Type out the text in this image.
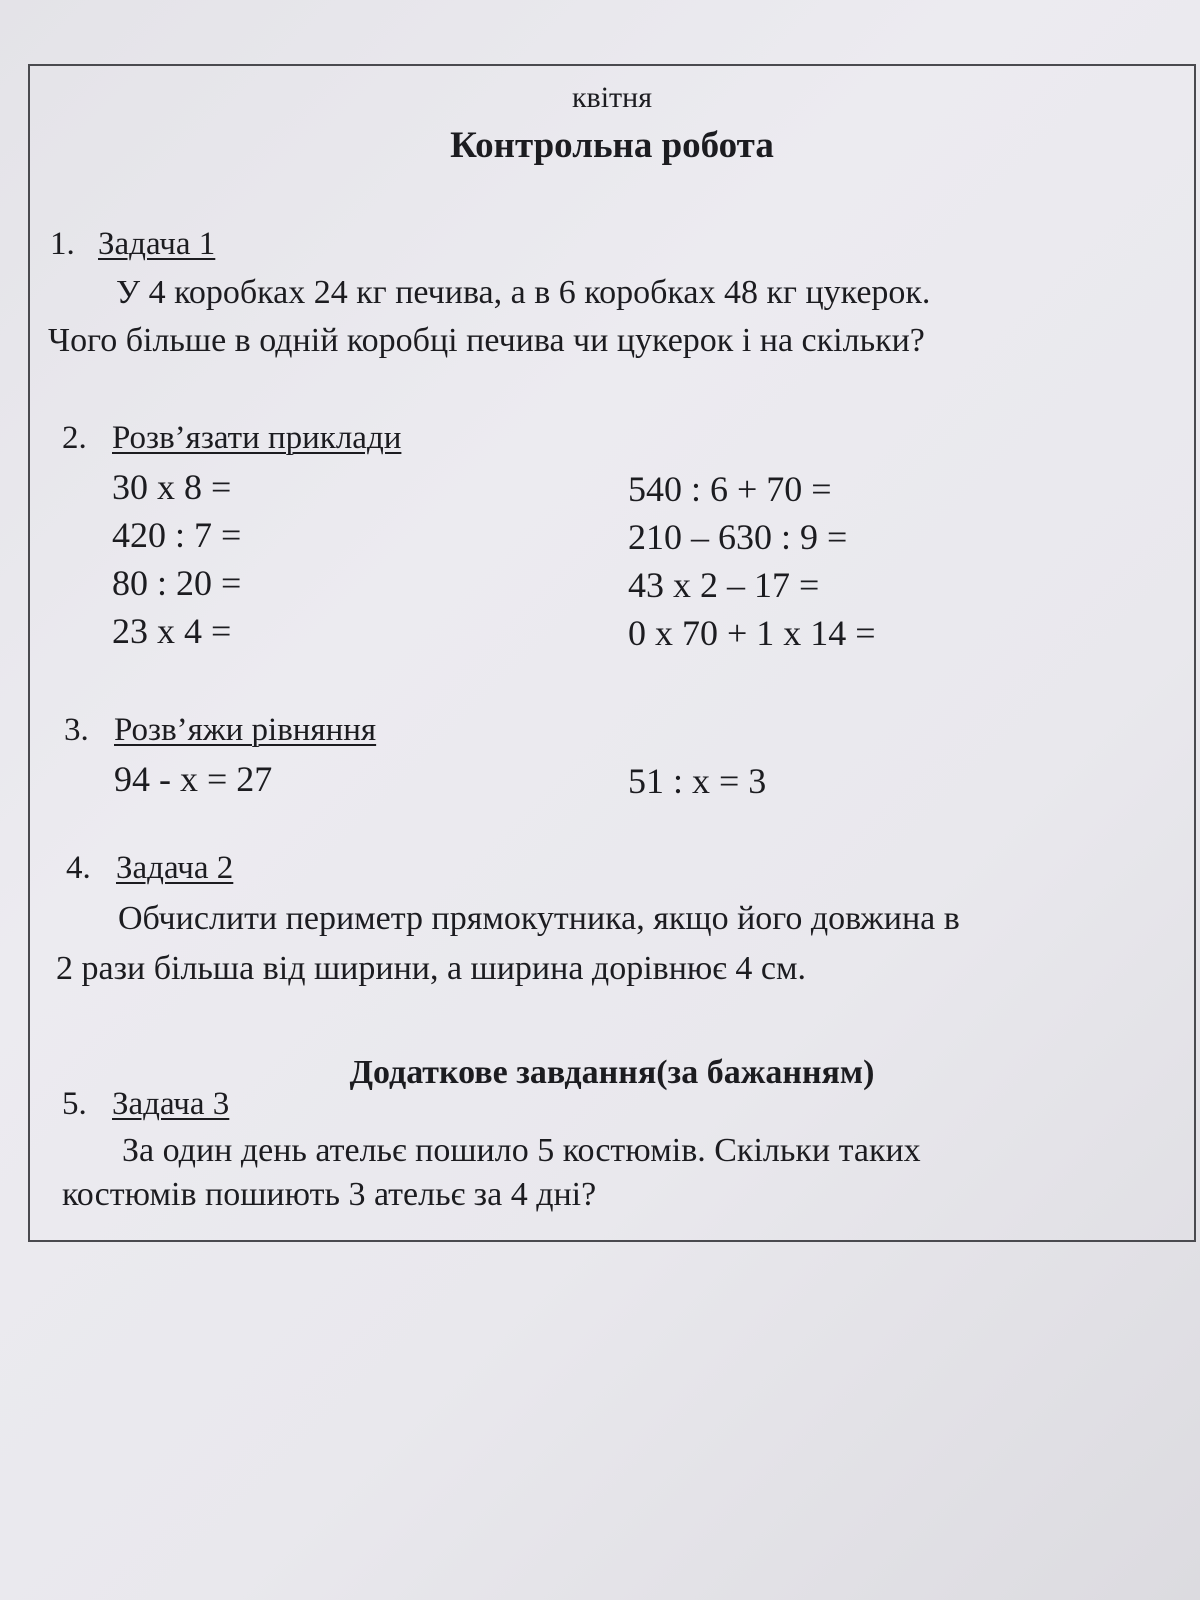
квітня
Контрольна робота
1. Задача 1
У 4 коробках 24 кг печива, а в 6 коробках 48 кг цукерок.
Чого більше в одній коробці печива чи цукерок і на скільки?
2. Розв’язати приклади
30 х 8 =
420 : 7 =
80 : 20 =
23 х 4 =
540 : 6 + 70 =
210 – 630 : 9 =
43 х 2 – 17 =
0 х 70 + 1 х 14 =
3. Розв’яжи рівняння
94 - х = 27	51 : х = 3
4. Задача 2
Обчислити периметр прямокутника, якщо його довжина в
2 рази більша від ширини, а ширина дорівнює 4 см.
Додаткове завдання(за бажанням)
5. Задача 3
За один день ательє пошило 5 костюмів. Скільки таких
костюмів пошиють 3 ательє за 4 дні?
